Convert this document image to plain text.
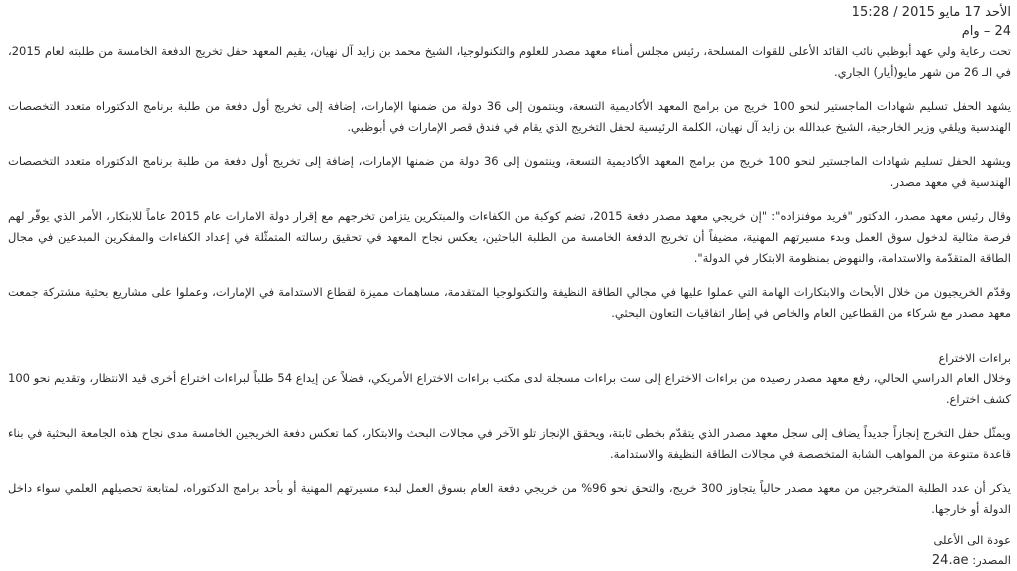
الأحد 17 مايو 2015 / 15:28
24 – وام

تحت رعاية ولي عهد أبوظبي نائب القائد الأعلى للقوات المسلحة، رئيس مجلس أمناء معهد مصدر للعلوم والتكنولوجيا، الشيخ محمد بن زايد آل نهيان، يقيم المعهد حفل تخريج الدفعة الخامسة من طلبته لعام 2015، في الـ 26 من شهر مايو(أيار) الجاري.

يشهد الحفل تسليم شهادات الماجستير لنحو 100 خريج من برامج المعهد الأكاديمية التسعة، وينتمون إلى 36 دولة من ضمنها الإمارات، إضافة إلى تخريج أول دفعة من طلبة برنامج الدكتوراه متعدد التخصصات الهندسية ويلقي وزير الخارجية، الشيخ عبدالله بن زايد آل نهيان، الكلمة الرئيسية لحفل التخريج الذي يقام في فندق قصر الإمارات في أبوظبي.

ويشهد الحفل تسليم شهادات الماجستير لنحو 100 خريج من برامج المعهد الأكاديمية التسعة، وينتمون إلى 36 دولة من ضمنها الإمارات، إضافة إلى تخريج أول دفعة من طلبة برنامج الدكتوراه متعدد التخصصات الهندسية في معهد مصدر.

وقال رئيس معهد مصدر، الدكتور "فريد موفنزاده": "إن خريجي معهد مصدر دفعة 2015، تضم كوكبة من الكفاءات والمبتكرين يتزامن تخرجهم مع إقرار دولة الامارات عام 2015 عاماً للابتكار، الأمر الذي يوفّر لهم فرصة مثالية لدخول سوق العمل وبدء مسيرتهم المهنية، مضيفاً أن تخريج الدفعة الخامسة من الطلبة الباحثين، يعكس نجاح المعهد في تحقيق رسالته المتمثّلة في إعداد الكفاءات والمفكرين المبدعين في مجال الطاقة المتقدّمة والاستدامة، والنهوض بمنظومة الابتكار في الدولة".

وقدّم الخريجيون من خلال الأبحاث والابتكارات الهامة التي عملوا عليها في مجالي الطاقة النظيفة والتكنولوجيا المتقدمة، مساهمات مميزة لقطاع الاستدامة في الإمارات، وعملوا على مشاريع بحثية مشتركة جمعت معهد مصدر مع شركاء من القطاعين العام والخاص في إطار اتفاقيات التعاون البحثي.

براءات الاختراع

وخلال العام الدراسي الحالي، رفع معهد مصدر رصيده من براءات الاختراع إلى ست براءات مسجلة لدى مكتب براءات الاختراع الأمريكي، فضلاً عن إيداع 54 طلباً لبراءات اختراع أخرى قيد الانتظار، وتقديم نحو 100 كشف اختراع.

ويمثّل حفل التخرج إنجازاً جديداً يضاف إلى سجل معهد مصدر الذي يتقدّم بخطى ثابتة، ويحقق الإنجاز تلو الآخر في مجالات البحث والابتكار، كما تعكس دفعة الخريجين الخامسة مدى نجاح هذه الجامعة البحثية في بناء قاعدة متنوعة من المواهب الشابة المتخصصة في مجالات الطاقة النظيفة والاستدامة.

يذكر أن عدد الطلبة المتخرجين من معهد مصدر حالياً يتجاوز 300 خريج، والتحق نحو 96% من خريجي دفعة العام بسوق العمل لبدء مسيرتهم المهنية أو بأحد برامج الدكتوراه، لمتابعة تحصيلهم العلمي سواء داخل الدولة أو خارجها.

عودة الى الأعلى
المصدر: 24.ae
